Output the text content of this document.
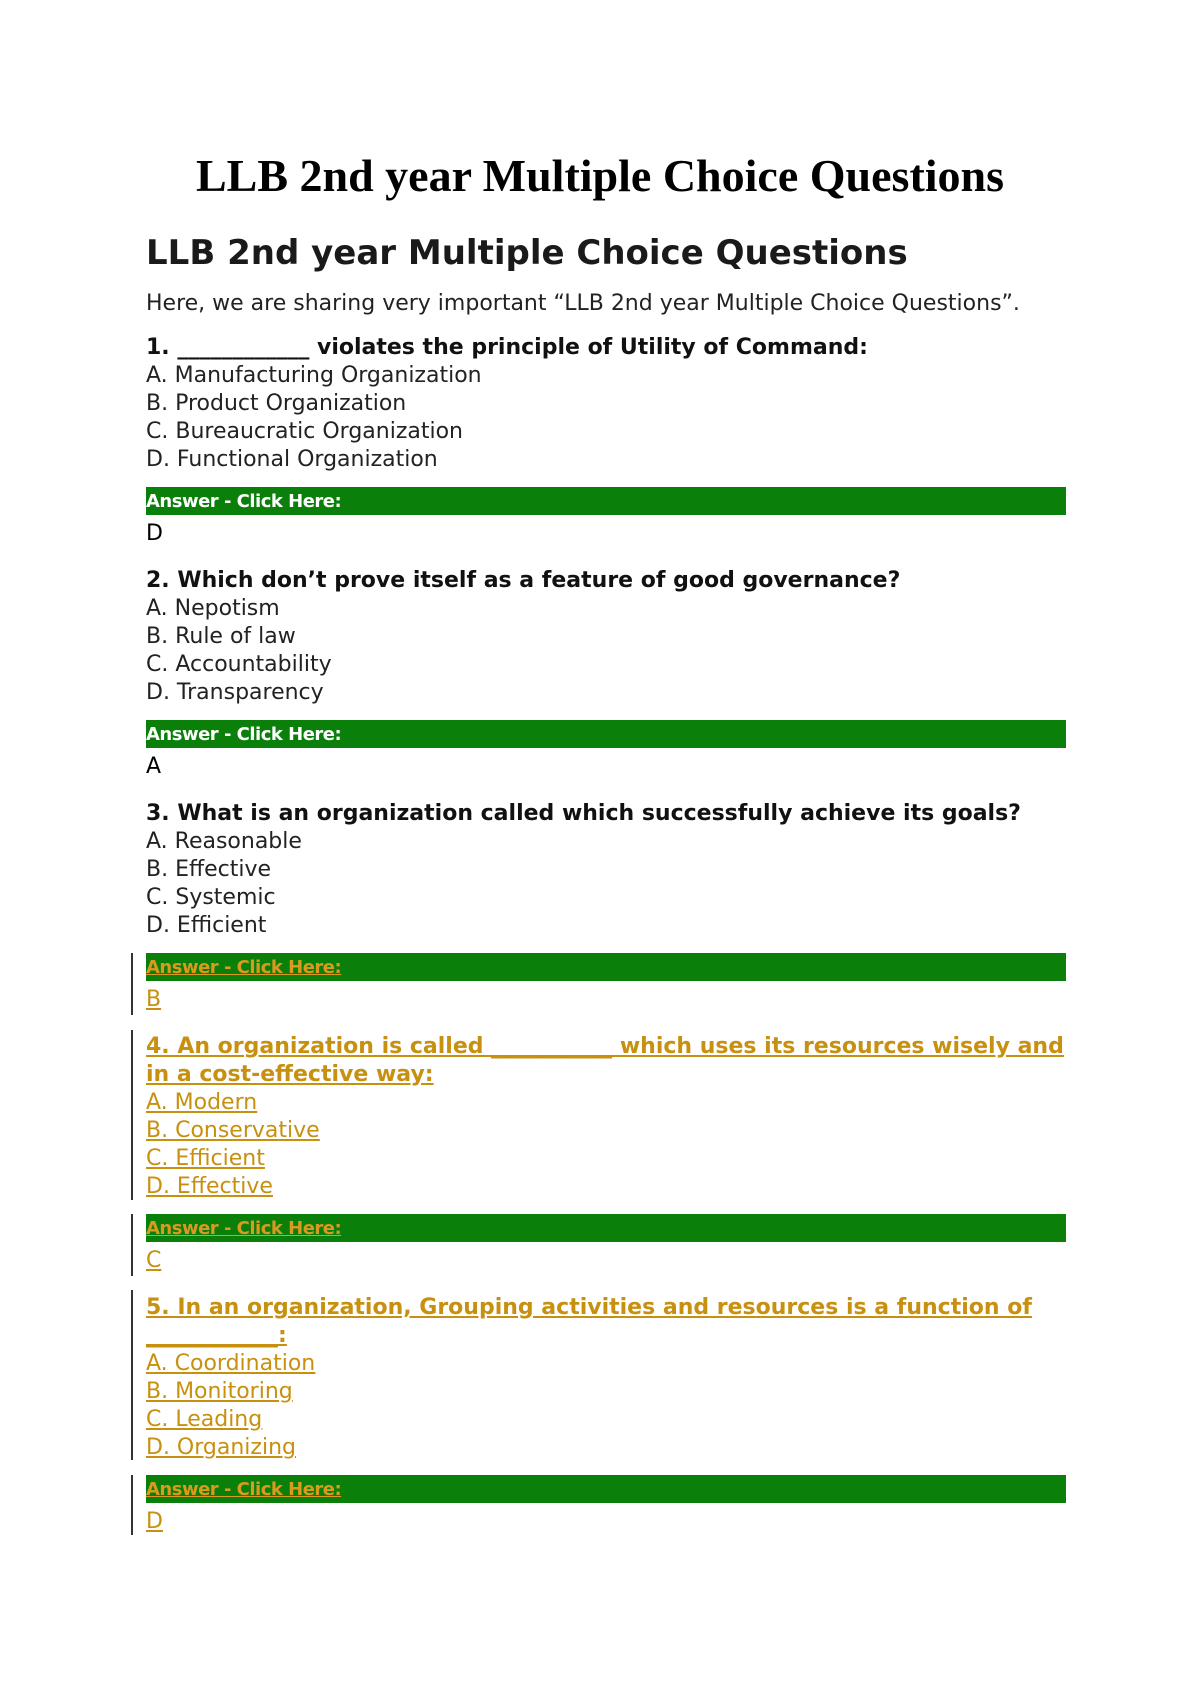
LLB 2nd year Multiple Choice Questions
LLB 2nd year Multiple Choice Questions
Here, we are sharing very important “LLB 2nd year Multiple Choice Questions”.
1. ____________ violates the principle of Utility of Command:
A. Manufacturing Organization
B. Product Organization
C. Bureaucratic Organization
D. Functional Organization
Answer - Click Here:
D
2. Which don’t prove itself as a feature of good governance?
A. Nepotism
B. Rule of law
C. Accountability
D. Transparency
Answer - Click Here:
A
3. What is an organization called which successfully achieve its goals?
A. Reasonable
B. Effective
C. Systemic
D. Efficient
Answer - Click Here:
B
4. An organization is called ___________ which uses its resources wisely and
in a cost-effective way:
A. Modern
B. Conservative
C. Efficient
D. Effective
Answer - Click Here:
C
5. In an organization, Grouping activities and resources is a function of
____________:
A. Coordination
B. Monitoring
C. Leading
D. Organizing
Answer - Click Here:
D
